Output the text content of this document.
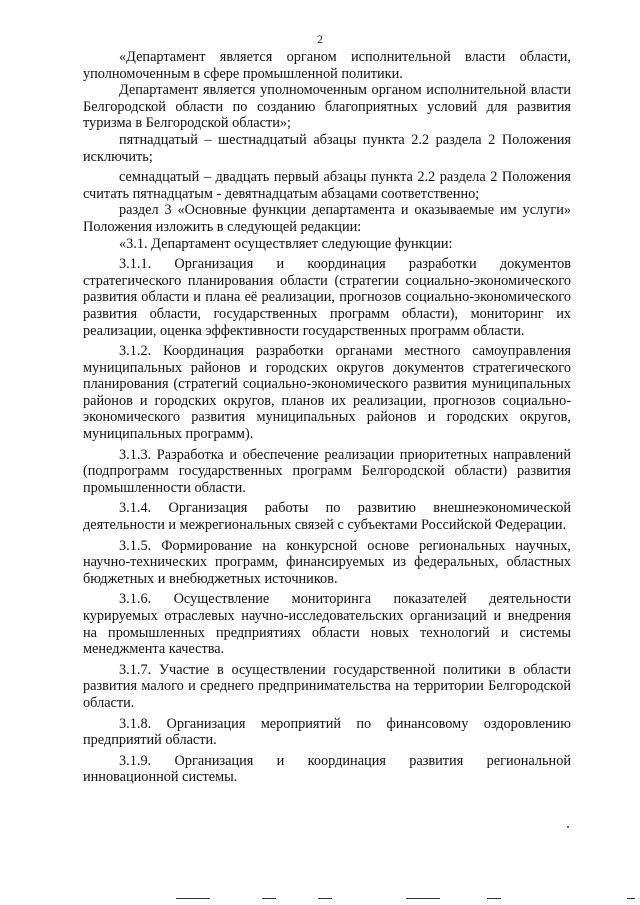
2

«Департамент является органом исполнительной власти области, уполномоченным в сфере промышленной политики.

Департамент является уполномоченным органом исполнительной власти Белгородской области по созданию благоприятных условий для развития туризма в Белгородской области»;

пятнадцатый – шестнадцатый абзацы пункта 2.2 раздела 2 Положения исключить;

семнадцатый – двадцать первый абзацы пункта 2.2 раздела 2 Положения считать пятнадцатым - девятнадцатым абзацами соответственно;

раздел 3 «Основные функции департамента и оказываемые им услуги» Положения изложить в следующей редакции:

«3.1. Департамент осуществляет следующие функции:

3.1.1. Организация и координация разработки документов стратегического планирования области (стратегии социально-экономического развития области и плана её реализации, прогнозов социально-экономического развития области, государственных программ области), мониторинг их реализации, оценка эффективности государственных программ области.

3.1.2. Координация разработки органами местного самоуправления муниципальных районов и городских округов документов стратегического планирования (стратегий социально-экономического развития муниципальных районов и городских округов, планов их реализации, прогнозов социально-экономического развития муниципальных районов и городских округов, муниципальных программ).

3.1.3. Разработка и обеспечение реализации приоритетных направлений (подпрограмм государственных программ Белгородской области) развития промышленности области.

3.1.4. Организация работы по развитию внешнеэкономической деятельности и межрегиональных связей с субъектами Российской Федерации.

3.1.5. Формирование на конкурсной основе региональных научных, научно-технических программ, финансируемых из федеральных, областных бюджетных и внебюджетных источников.

3.1.6. Осуществление мониторинга показателей деятельности курируемых отраслевых научно-исследовательских организаций и внедрения на промышленных предприятиях области новых технологий и системы менеджмента качества.

3.1.7. Участие в осуществлении государственной политики в области развития малого и среднего предпринимательства на территории Белгородской области.

3.1.8. Организация мероприятий по финансовому оздоровлению предприятий области.

3.1.9. Организация и координация развития региональной инновационной системы.
